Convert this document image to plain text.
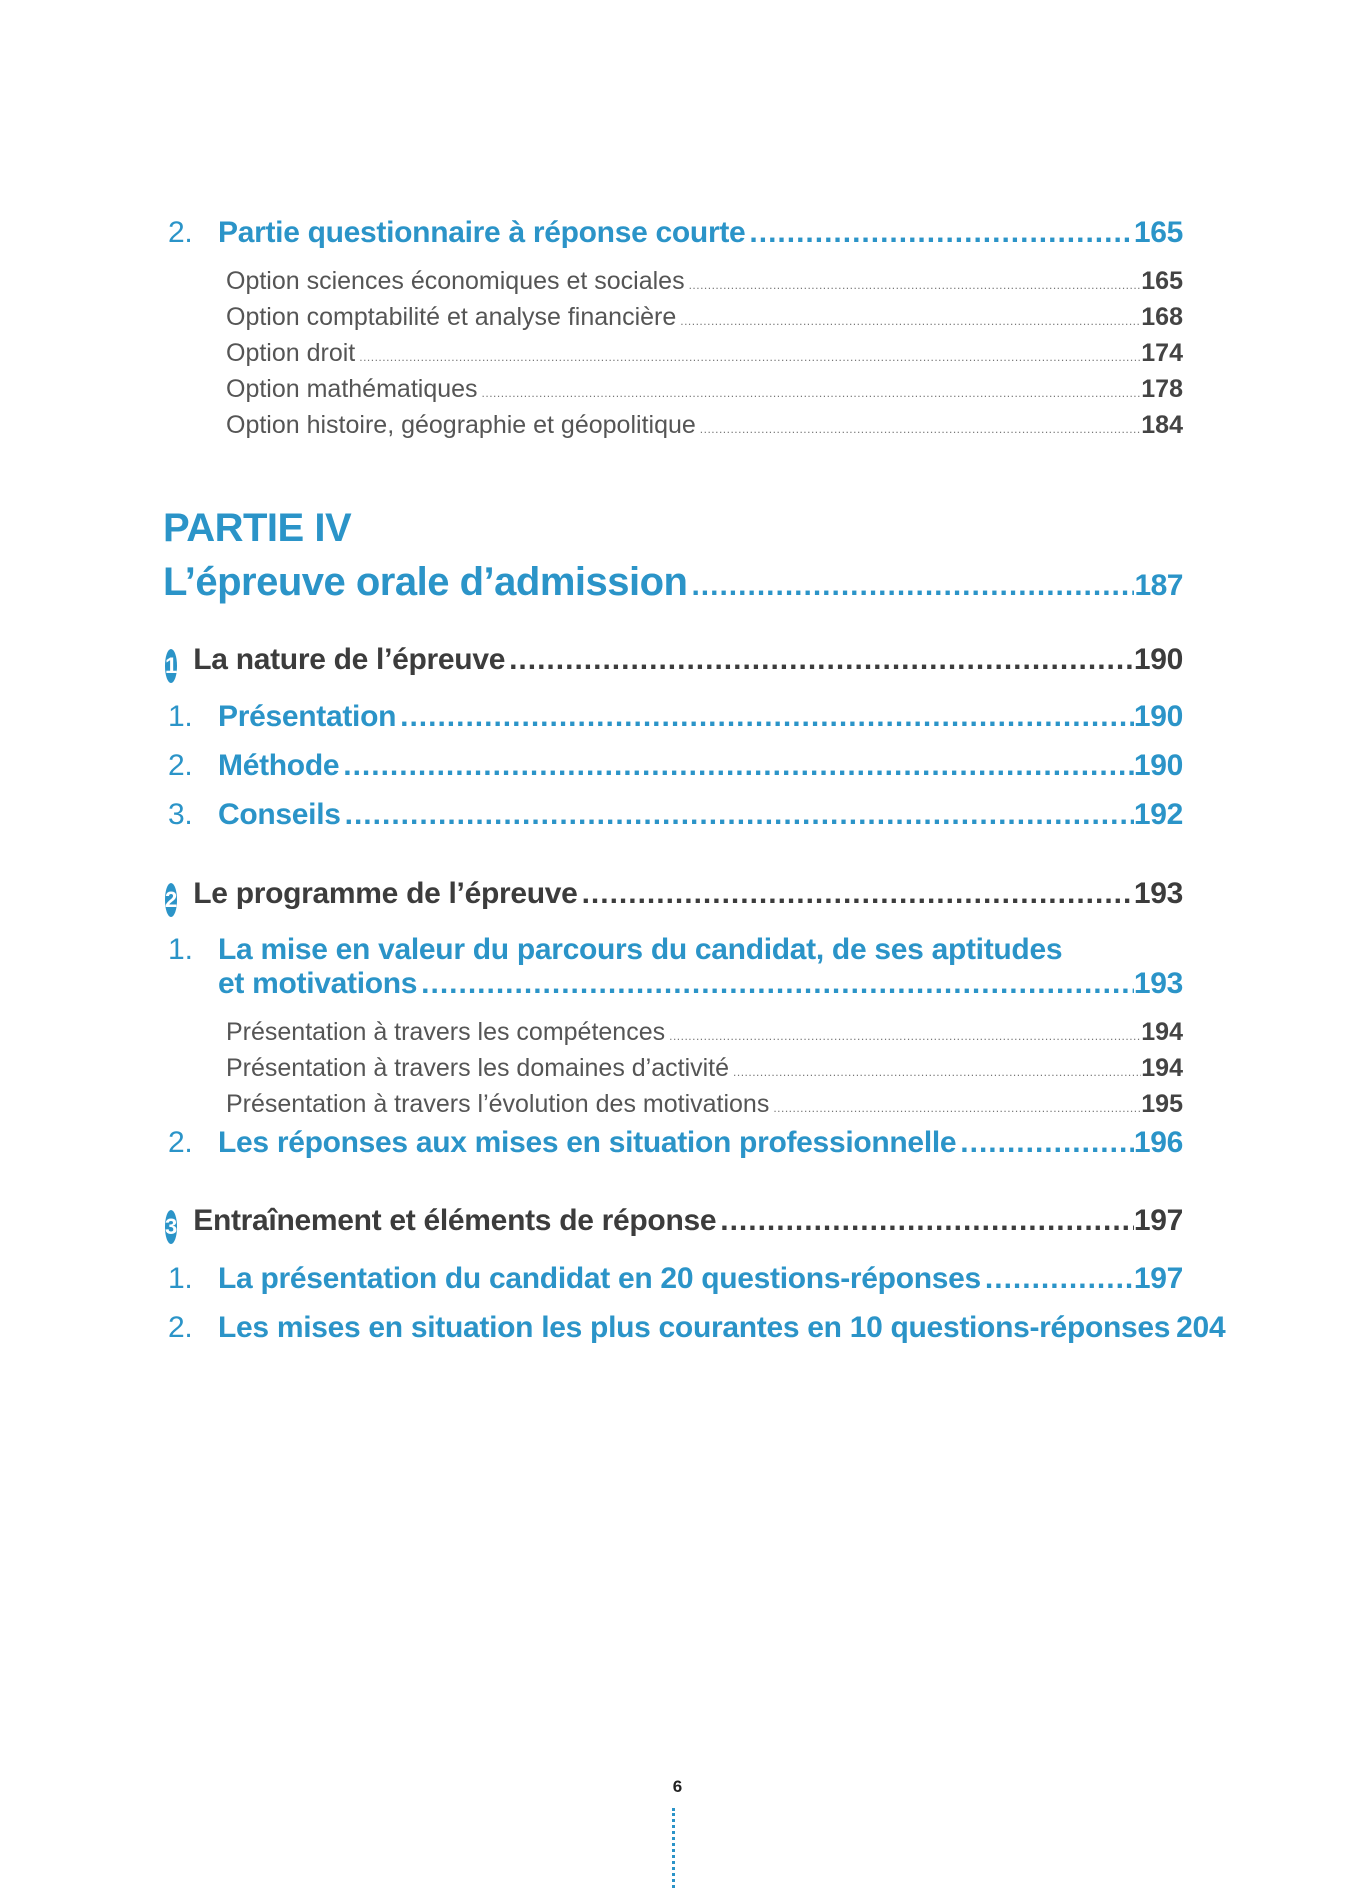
2. Partie questionnaire à réponse courte .....	165
Option sciences économiques et sociales .....	165
Option comptabilité et analyse financière .....	168
Option droit .....	174
Option mathématiques .....	178
Option histoire, géographie et géopolitique .....	184
PARTIE IV
L’épreuve orale d’admission .....	187
1 La nature de l’épreuve .....	190
1. Présentation .....	190
2. Méthode .....	190
3. Conseils .....	192
2 Le programme de l’épreuve .....	193
1. La mise en valeur du parcours du candidat, de ses aptitudes
et motivations .....	193
Présentation à travers les compétences .....	194
Présentation à travers les domaines d’activité .....	194
Présentation à travers l’évolution des motivations .....	195
2. Les réponses aux mises en situation professionnelle .....	196
3 Entraînement et éléments de réponse .....	197
1. La présentation du candidat en 20 questions-réponses .....	197
2. Les mises en situation les plus courantes en 10 questions-réponses ..... 204
6
